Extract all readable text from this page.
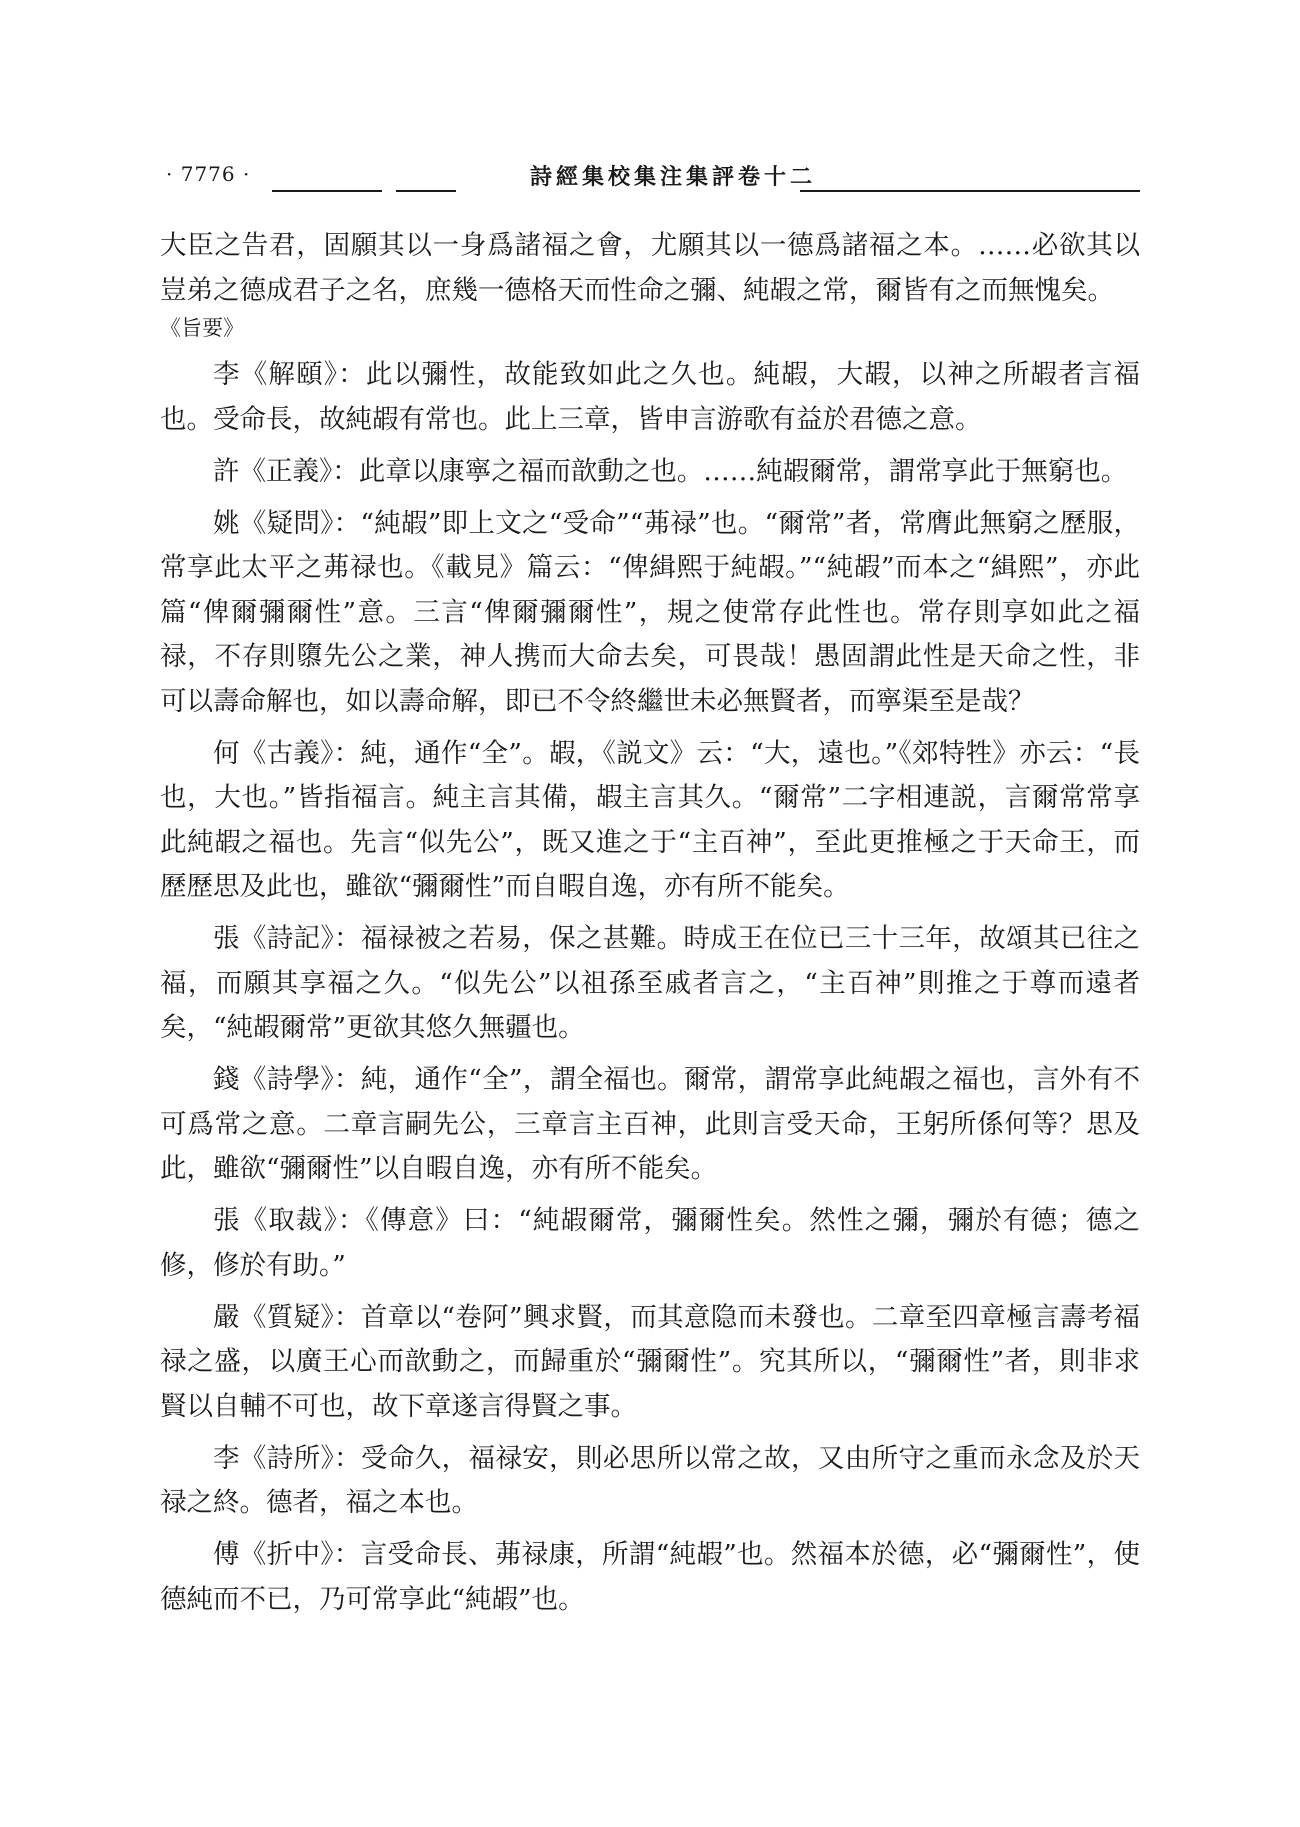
· 7776 ·	詩經集校集注集評卷十二

大臣之告君，固願其以一身爲諸福之會，尤願其以一德爲諸福之本。……必欲其以豈弟之德成君子之名，庶幾一德格天而性命之彌、純嘏之常，爾皆有之而無愧矣。

《旨要》

李《解頤》：此以彌性，故能致如此之久也。純嘏，大嘏，以神之所嘏者言福也。受命長，故純嘏有常也。此上三章，皆申言游歌有益於君德之意。

許《正義》：此章以康寧之福而歆動之也。……純嘏爾常，謂常享此于無窮也。

姚《疑問》：“純嘏”即上文之“受命”“茀禄”也。“爾常”者，常膺此無窮之歷服，常享此太平之茀禄也。《載見》篇云：“俾緝熙于純嘏。”“純嘏”而本之“緝熙”，亦此篇“俾爾彌爾性”意。三言“俾爾彌爾性”，規之使常存此性也。常存則享如此之福禄，不存則隳先公之業，神人携而大命去矣，可畏哉！愚固謂此性是天命之性，非可以壽命解也，如以壽命解，即已不令終繼世未必無賢者，而寧渠至是哉？

何《古義》：純，通作“全”。嘏，《説文》云：“大，遠也。”《郊特牲》亦云：“長也，大也。”皆指福言。純主言其備，嘏主言其久。“爾常”二字相連説，言爾常常享此純嘏之福也。先言“似先公”，既又進之于“主百神”，至此更推極之于天命王，而歷歷思及此也，雖欲“彌爾性”而自暇自逸，亦有所不能矣。

張《詩記》：福禄被之若易，保之甚難。時成王在位已三十三年，故頌其已往之福，而願其享福之久。“似先公”以祖孫至戚者言之，“主百神”則推之于尊而遠者矣，“純嘏爾常”更欲其悠久無疆也。

錢《詩學》：純，通作“全”，謂全福也。爾常，謂常享此純嘏之福也，言外有不可爲常之意。二章言嗣先公，三章言主百神，此則言受天命，王躬所係何等？思及此，雖欲“彌爾性”以自暇自逸，亦有所不能矣。

張《取裁》：《傳意》曰：“純嘏爾常，彌爾性矣。然性之彌，彌於有德；德之修，修於有助。”

嚴《質疑》：首章以“卷阿”興求賢，而其意隐而未發也。二章至四章極言壽考福禄之盛，以廣王心而歆動之，而歸重於“彌爾性”。究其所以，“彌爾性”者，則非求賢以自輔不可也，故下章遂言得賢之事。

李《詩所》：受命久，福禄安，則必思所以常之故，又由所守之重而永念及於天禄之終。德者，福之本也。

傅《折中》：言受命長、茀禄康，所謂“純嘏”也。然福本於德，必“彌爾性”，使德純而不已，乃可常享此“純嘏”也。
